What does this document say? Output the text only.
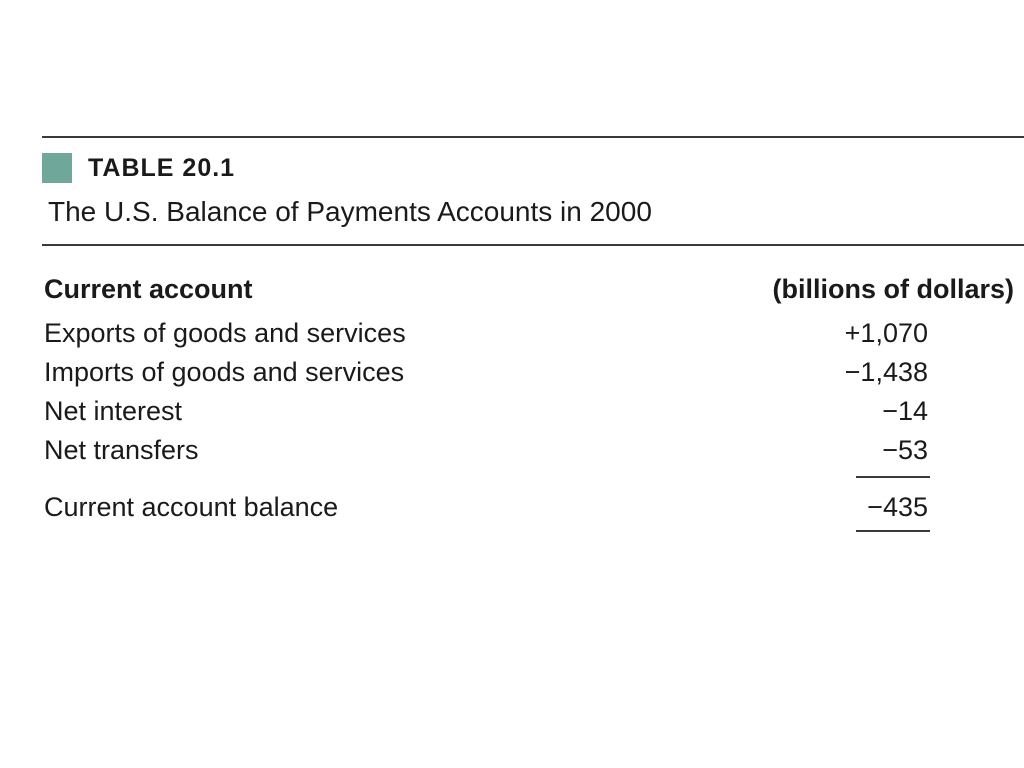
TABLE 20.1
The U.S. Balance of Payments Accounts in 2000
Current account	(billions of dollars)
Exports of goods and services	+1,070
Imports of goods and services	−1,438
Net interest	−14
Net transfers	−53
Current account balance	−435
